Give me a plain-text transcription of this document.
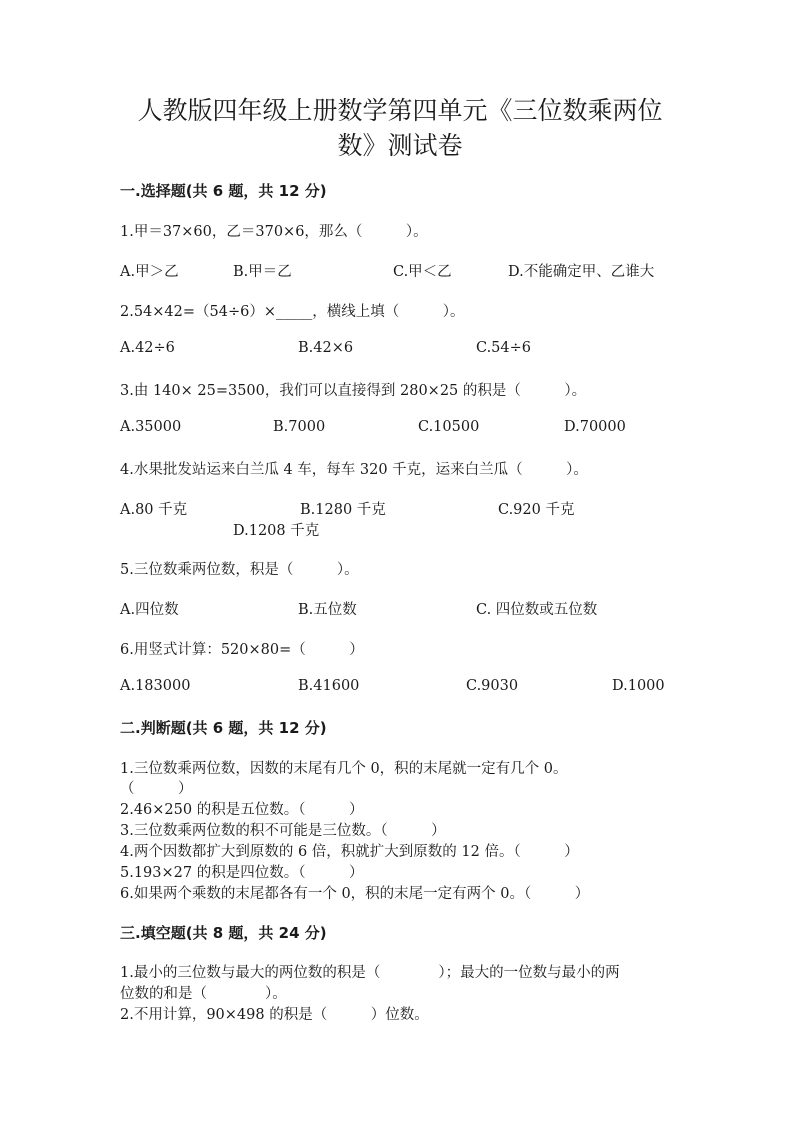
人教版四年级上册数学第四单元《三位数乘两位
数》测试卷
一.选择题(共 6 题，共 12 分)
1.甲＝37×60，乙＝370×6，那么（　　　）。
A.甲＞乙	B.甲＝乙	C.甲＜乙	D.不能确定甲、乙谁大
2.54×42=（54÷6）×_____，横线上填（　　　）。
A.42÷6	B.42×6	C.54÷6
3.由 140× 25=3500，我们可以直接得到 280×25 的积是（　　　）。
A.35000	B.7000	C.10500	D.70000
4.水果批发站运来白兰瓜 4 车，每车 320 千克，运来白兰瓜（　　　）。
A.80 千克	B.1280 千克	C.920 千克
D.1208 千克
5.三位数乘两位数，积是（　　　）。
A.四位数	B.五位数	C. 四位数或五位数
6.用竖式计算：520×80=（　　　）
A.183000	B.41600	C.9030	D.1000
二.判断题(共 6 题，共 12 分)
1.三位数乘两位数，因数的末尾有几个 0，积的末尾就一定有几个 0。
（　　　）
2.46×250 的积是五位数。（　　　）
3.三位数乘两位数的积不可能是三位数。（　　　）
4.两个因数都扩大到原数的 6 倍，积就扩大到原数的 12 倍。（　　　）
5.193×27 的积是四位数。（　　　）
6.如果两个乘数的末尾都各有一个 0，积的末尾一定有两个 0。（　　　）
三.填空题(共 8 题，共 24 分)
1.最小的三位数与最大的两位数的积是（　　　　）；最大的一位数与最小的两
位数的和是（　　　　）。
2.不用计算，90×498 的积是（　　　）位数。
